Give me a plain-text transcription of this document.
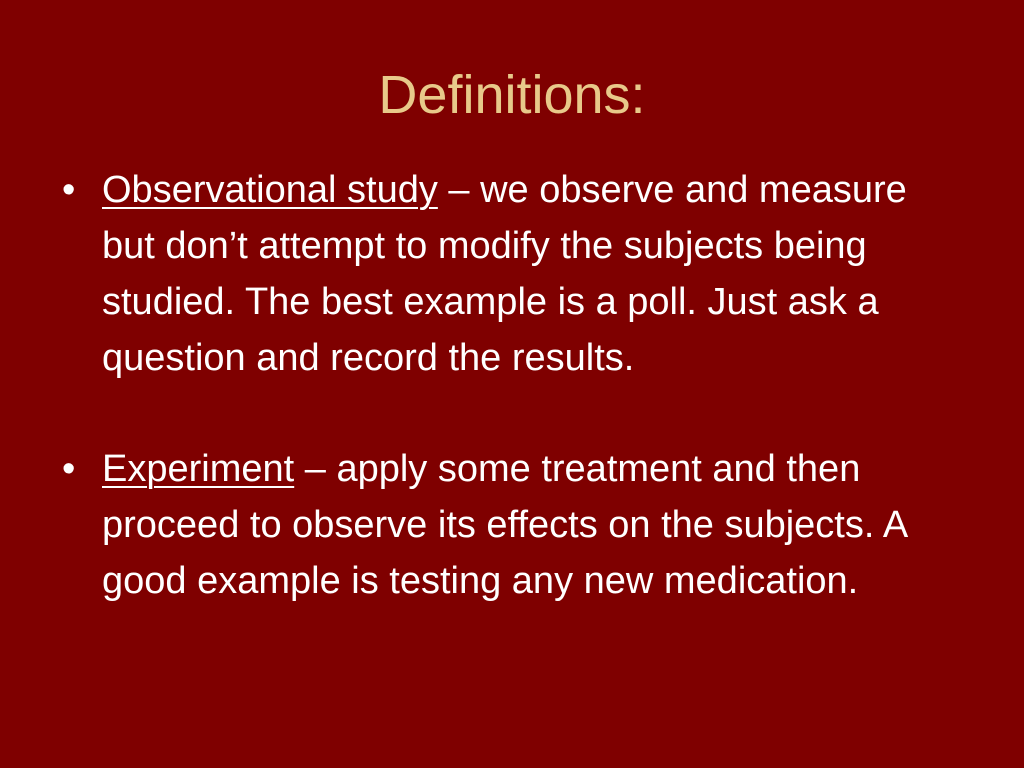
Definitions:
• Observational study – we observe and measure but don’t attempt to modify the subjects being studied. The best example is a poll. Just ask a question and record the results.
• Experiment – apply some treatment and then proceed to observe its effects on the subjects. A good example is testing any new medication.
